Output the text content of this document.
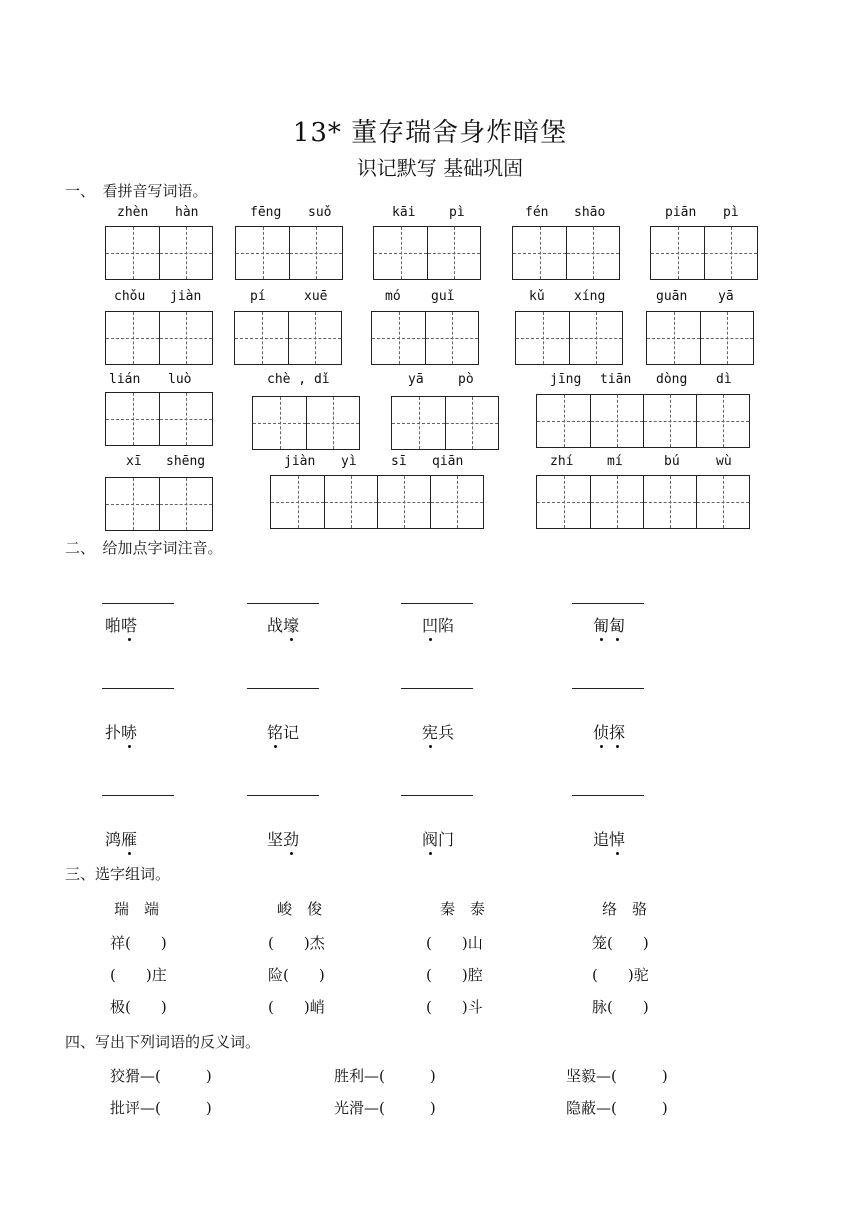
13* 董存瑞舍身炸暗堡
识记默写 基础巩固
一、　看拼音写词语。
zhèn hàn	fēng suǒ	kāi	pì	fén shāo	piān pì
chǒu jiàn	pí	xuē	mó guǐ	kǔ xíng	guān yā
lián luò	chè , dǐ	yā	pò	jīng tiān dòng dì
xī shēng	jiàn yì	sī qiān	zhí	mí	bú	wù
二、　给加点字词注音。
啪嗒	战壕	凹陷	匍匐
扑哧	铭记	宪兵	侦探
鸿雁	坚劲	阀门	追悼
三、选字组词。
瑞　端	峻　俊	秦　泰	络　骆
祥(　　)	(　　)杰	(　　)山	笼(　　)
(　　)庄	险(　　)	(　　)腔	(　　)驼
极(　　)	(　　)峭	(　　)斗	脉(　　)
四、写出下列词语的反义词。
狡猾—(　　　)	胜利—(　　　)	坚毅—(　　　)
批评—(　　　)	光滑—(　　　)	隐蔽—(　　　)
